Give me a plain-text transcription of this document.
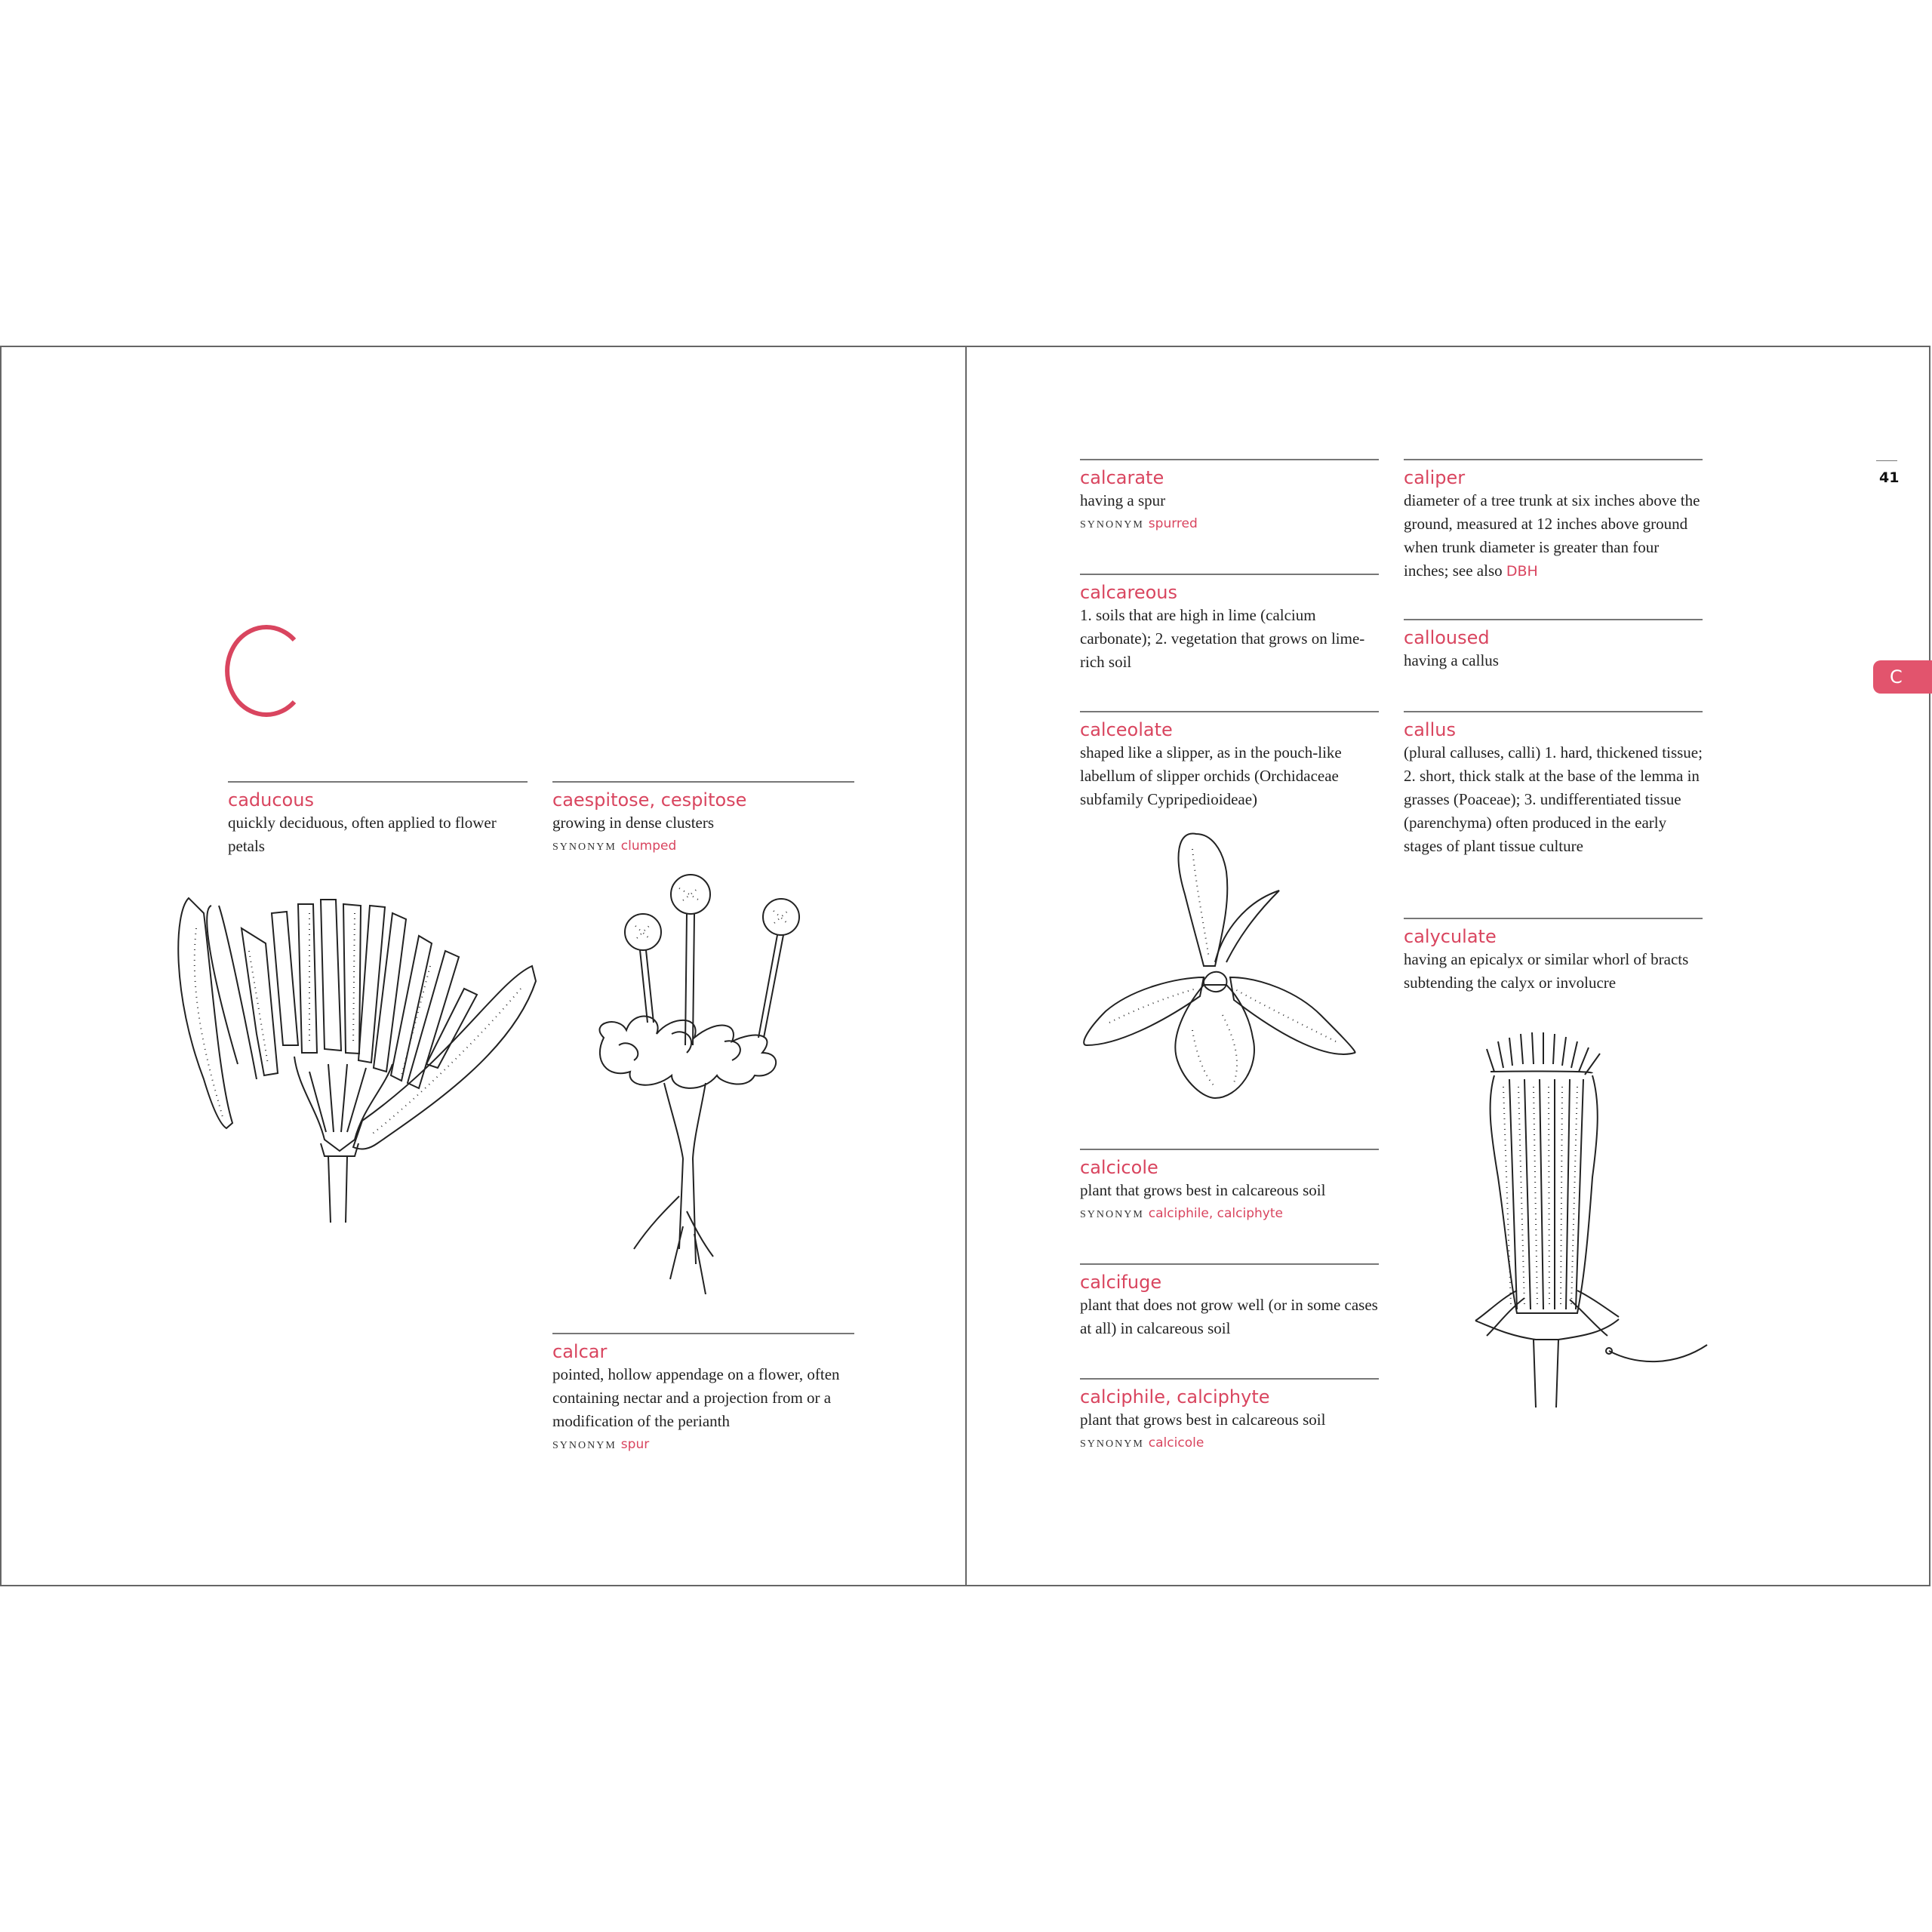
caducous
quickly deciduous, often applied to flower petals
caespitose, cespitose
growing in dense clusters
SYNONYM clumped
calcar
pointed, hollow appendage on a flower, often containing nectar and a projection from or a modification of the perianth
SYNONYM spur
calcarate
having a spur
SYNONYM spurred
calcareous
1. soils that are high in lime (calcium carbonate); 2. vegetation that grows on lime-rich soil
calceolate
shaped like a slipper, as in the pouch-like labellum of slipper orchids (Orchidaceae subfamily Cypripedioideae)
calcicole
plant that grows best in calcareous soil
SYNONYM calciphile, calciphyte
calcifuge
plant that does not grow well (or in some cases at all) in calcareous soil
calciphile, calciphyte
plant that grows best in calcareous soil
SYNONYM calcicole
caliper
diameter of a tree trunk at six inches above the ground, measured at 12 inches above ground when trunk diameter is greater than four inches; see also DBH
calloused
having a callus
callus
(plural calluses, calli) 1. hard, thickened tissue; 2. short, thick stalk at the base of the lemma in grasses (Poaceae); 3. undifferentiated tissue (parenchyma) often produced in the early stages of plant tissue culture
calyculate
having an epicalyx or similar whorl of bracts subtending the calyx or involucre
41
C
